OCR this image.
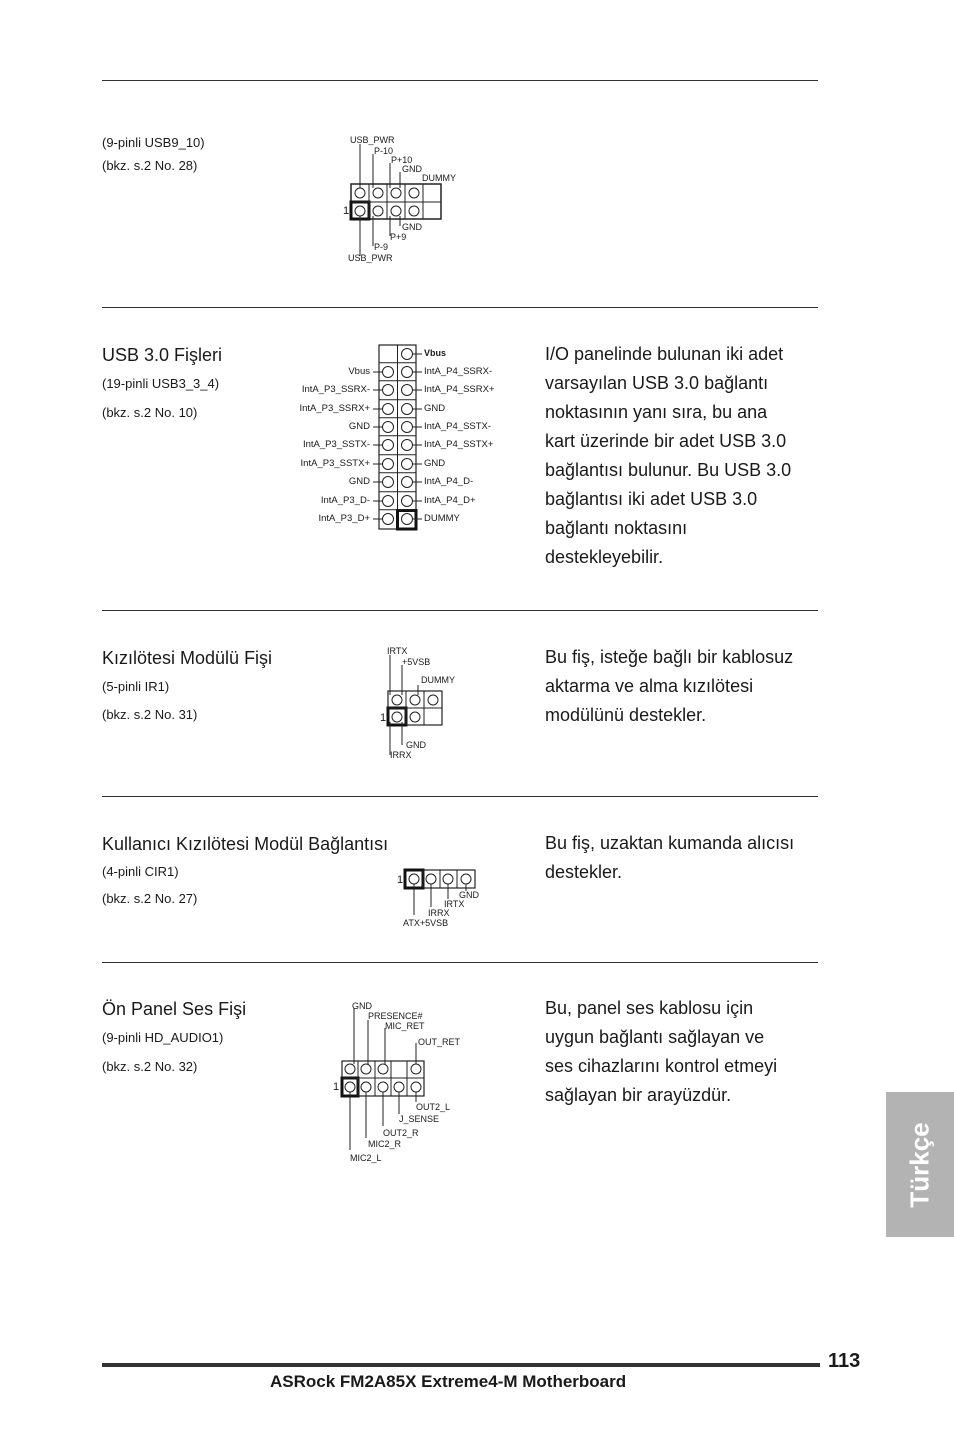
(9-pinli USB9_10)
(bkz. s.2 No. 28)
1
USB_PWR
P-10
P+10
GND
DUMMY
GND
P+9
P-9
USB_PWR
USB 3.0 Fişleri
(19-pinli USB3_3_4)
(bkz. s.2 No. 10)
Vbus
IntA_P3_SSRX-
IntA_P3_SSRX+
GND
IntA_P3_SSTX-
IntA_P3_SSTX+
GND
IntA_P3_D-
IntA_P3_D+
Vbus
IntA_P4_SSRX-
IntA_P4_SSRX+
GND
IntA_P4_SSTX-
IntA_P4_SSTX+
GND
IntA_P4_D-
IntA_P4_D+
DUMMY
I/O panelinde bulunan iki adet
varsayılan USB 3.0 bağlantı
noktasının yanı sıra, bu ana
kart üzerinde bir adet USB 3.0
bağlantısı bulunur. Bu USB 3.0
bağlantısı iki adet USB 3.0
bağlantı noktasını
destekleyebilir.
Kızılötesi Modülü Fişi
(5-pinli IR1)
(bkz. s.2 No. 31)	1
IRTX
+5VSB
DUMMY
GND
IRRX
Bu fiş, isteğe bağlı bir kablosuz
aktarma ve alma kızılötesi
modülünü destekler.
Kullanıcı Kızılötesi Modül Bağlantısı
(4-pinli CIR1)
(bkz. s.2 No. 27)
1
GND
IRTX
IRRX
ATX+5VSB
Bu fiş, uzaktan kumanda alıcısı
destekler.
Ön Panel Ses Fişi
(9-pinli HD_AUDIO1)
(bkz. s.2 No. 32)
1
GND
PRESENCE#
MIC_RET
OUT_RET
OUT2_L
J_SENSE
OUT2_R
MIC2_R
MIC2_L
Bu, panel ses kablosu için
uygun bağlantı sağlayan ve
ses cihazlarını kontrol etmeyi
sağlayan bir arayüzdür.
Türkçe
113
ASRock FM2A85X Extreme4-M Motherboard
